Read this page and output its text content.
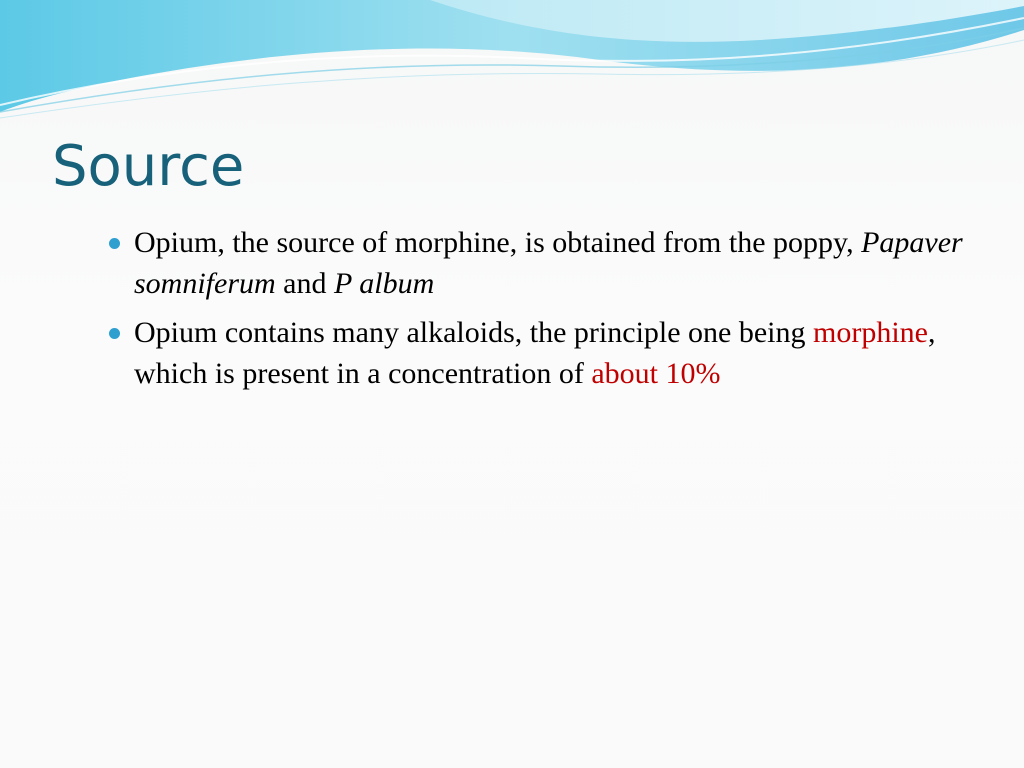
Source
Opium, the source of morphine, is obtained from the poppy, Papaver somniferum and P album
Opium contains many alkaloids, the principle one being morphine, which is present in a concentration of about 10%
